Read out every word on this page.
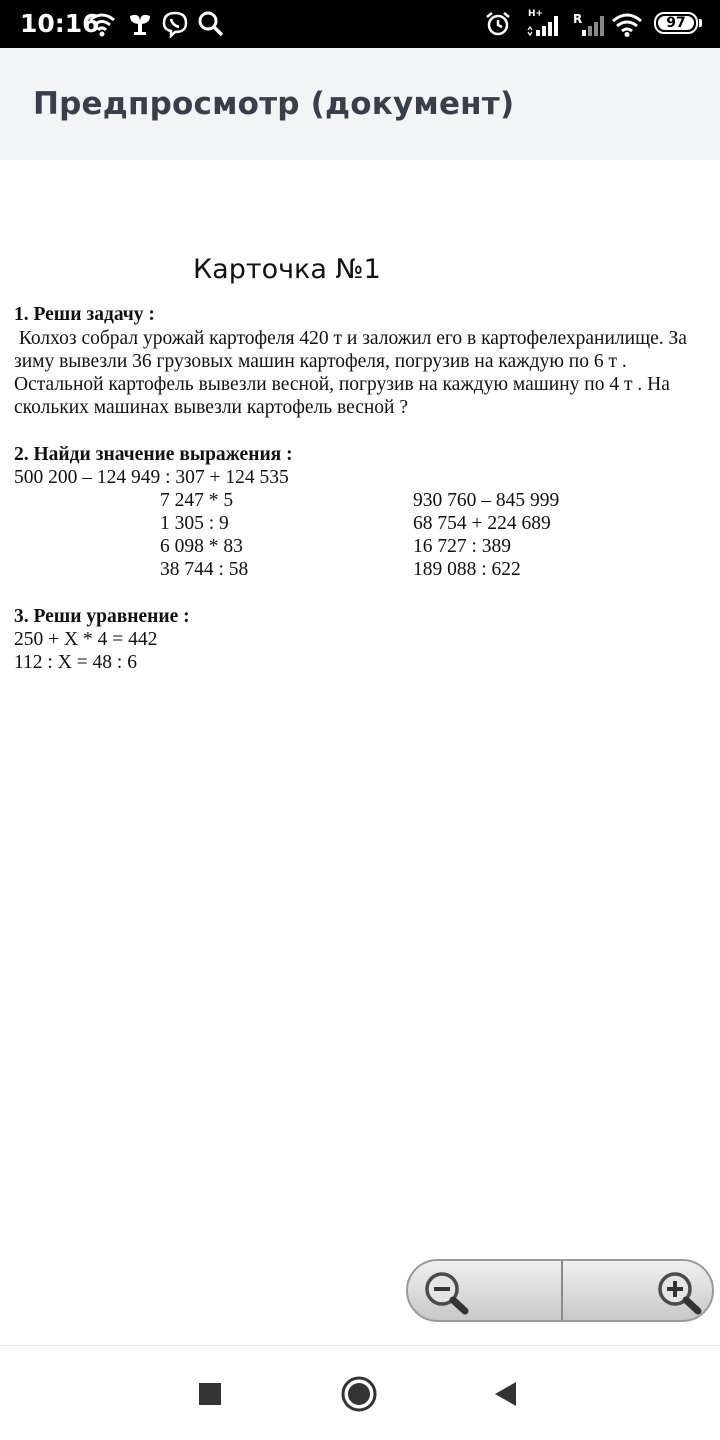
10:16	H+ R	97
Предпросмотр (документ)
Карточка №1
1. Реши задачу :
Колхоз собрал урожай картофеля 420 т и заложил его в картофелехранилище. За
зиму вывезли 36 грузовых машин картофеля, погрузив на каждую по 6 т .
Остальной картофель вывезли весной, погрузив на каждую машину по 4 т . На
скольких машинах вывезли картофель весной ?
2. Найди значение выражения :
500 200 – 124 949 : 307 + 124 535
7 247 * 5
1 305 : 9
6 098 * 83
38 744 : 58
930 760 – 845 999
68 754 + 224 689
16 727 : 389
189 088 : 622
3. Реши уравнение :
250 + Х * 4 = 442
112 : Х = 48 : 6
